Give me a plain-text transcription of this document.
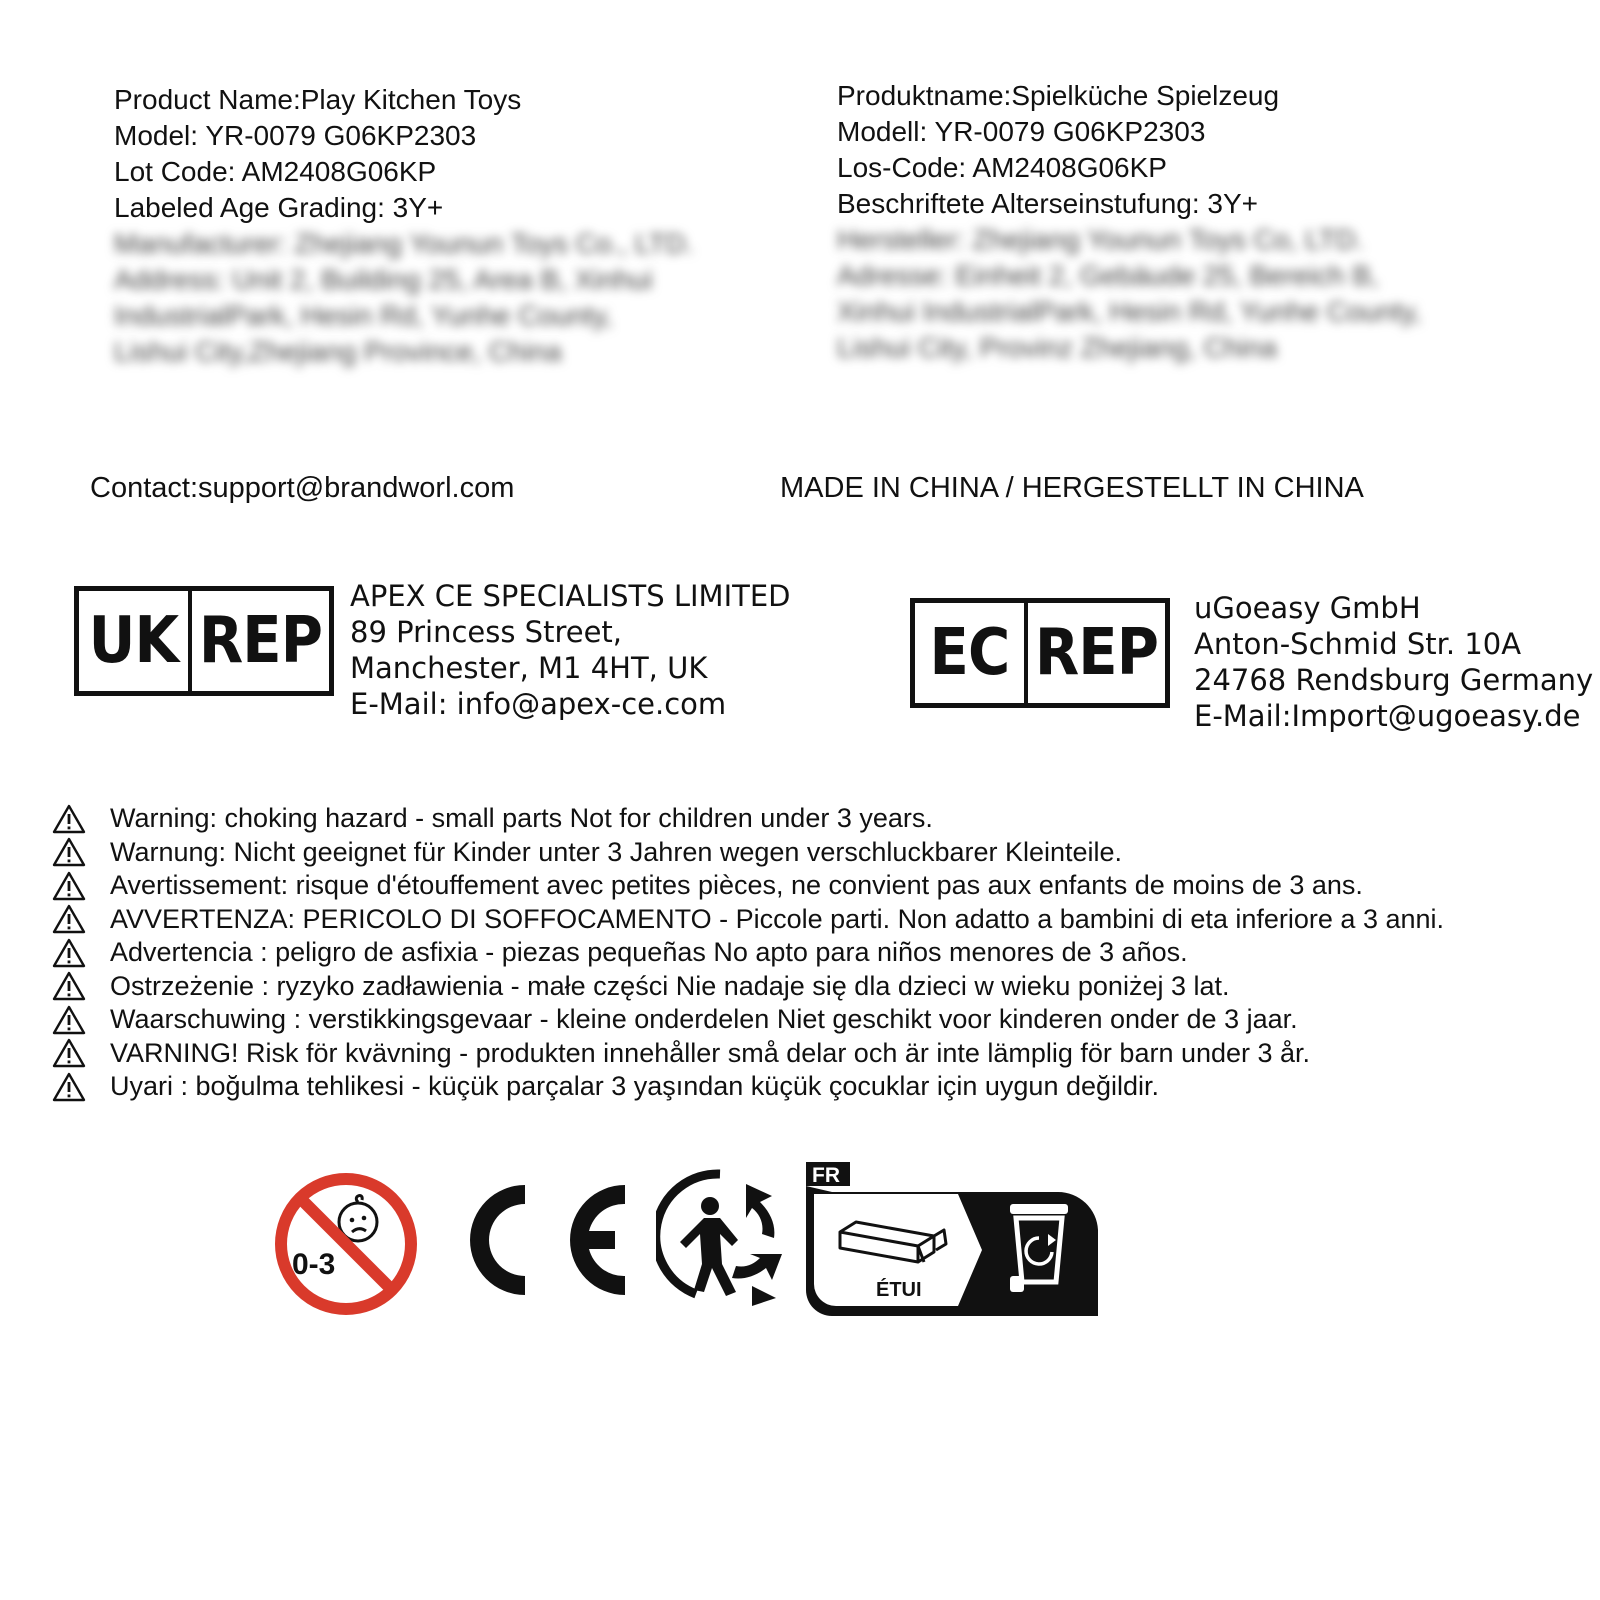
Product Name:Play Kitchen Toys
Model: YR-0079 G06KP2303
Lot Code: AM2408G06KP
Labeled Age Grading: 3Y+
Manufacturer: Zhejiang Younun Toys Co., LTD.
Address: Unit 2, Building 25, Area B, Xinhui
IndustrialPark, Hesin Rd, Yunhe County,
Lishui City,Zhejiang Province, China
Produktname:Spielküche Spielzeug
Modell: YR-0079 G06KP2303
Los-Code: AM2408G06KP
Beschriftete Alterseinstufung: 3Y+
Hersteller: Zhejiang Younun Toys Co, LTD.
Adresse: Einheit 2, Gebäude 25, Bereich B,
Xinhui IndustrialPark, Hesin Rd, Yunhe County,
Lishui City, Provinz Zhejiang, China
Contact:support@brandworl.com	MADE IN CHINA / HERGESTELLT IN CHINA
UK REP
APEX CE SPECIALISTS LIMITED
89 Princess Street,
Manchester, M1 4HT, UK
E-Mail: info@apex-ce.com
EC REP
uGoeasy GmbH
Anton-Schmid Str. 10A
24768 Rendsburg Germany
E-Mail:Import@ugoeasy.de
Warning: choking hazard - small parts Not for children under 3 years.
Warnung: Nicht geeignet für Kinder unter 3 Jahren wegen verschluckbarer Kleinteile.
Avertissement: risque d'étouffement avec petites pièces, ne convient pas aux enfants de moins de 3 ans.
AVVERTENZA: PERICOLO DI SOFFOCAMENTO - Piccole parti. Non adatto a bambini di eta inferiore a 3 anni.
Advertencia : peligro de asfixia - piezas pequeñas No apto para niños menores de 3 años.
Ostrzeżenie : ryzyko zadławienia - małe części Nie nadaje się dla dzieci w wieku poniżej 3 lat.
Waarschuwing : verstikkingsgevaar - kleine onderdelen Niet geschikt voor kinderen onder de 3 jaar.
VARNING! Risk för kvävning - produkten innehåller små delar och är inte lämplig för barn under 3 år.
Uyari : boğulma tehlikesi - küçük parçalar 3 yaşından küçük çocuklar için uygun değildir.
0-3
FR
ÉTUI
